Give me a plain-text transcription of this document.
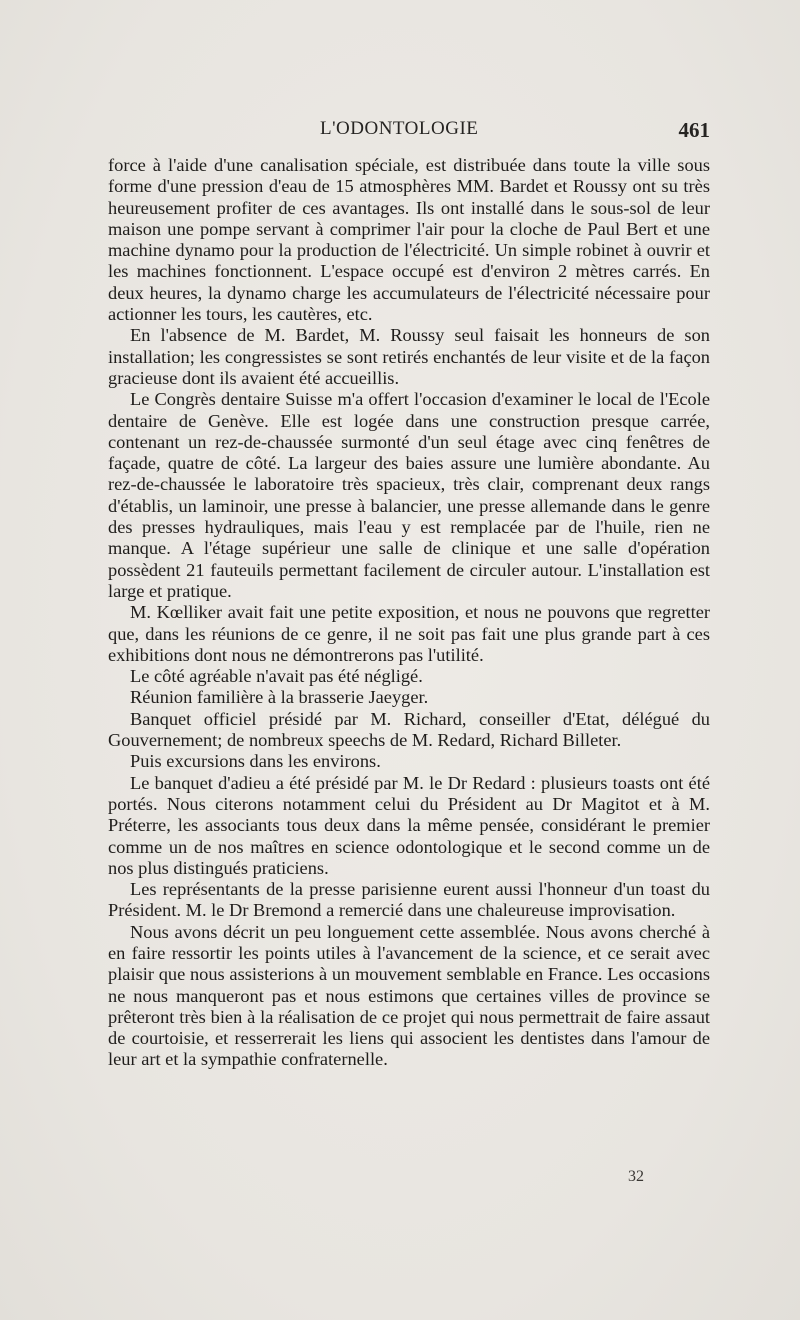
L'ODONTOLOGIE	461

force à l'aide d'une canalisation spéciale, est distribuée dans toute la ville sous forme d'une pression d'eau de 15 atmosphères MM. Bardet et Roussy ont su très heureusement profiter de ces avantages. Ils ont installé dans le sous-sol de leur maison une pompe servant à comprimer l'air pour la cloche de Paul Bert et une machine dynamo pour la production de l'électricité. Un simple robinet à ouvrir et les machines fonctionnent. L'espace occupé est d'environ 2 mètres carrés. En deux heures, la dynamo charge les accumulateurs de l'électricité nécessaire pour actionner les tours, les cautères, etc.

En l'absence de M. Bardet, M. Roussy seul faisait les honneurs de son installation; les congressistes se sont retirés enchantés de leur visite et de la façon gracieuse dont ils avaient été accueillis.

Le Congrès dentaire Suisse m'a offert l'occasion d'examiner le local de l'Ecole dentaire de Genève. Elle est logée dans une construction presque carrée, contenant un rez-de-chaussée surmonté d'un seul étage avec cinq fenêtres de façade, quatre de côté. La largeur des baies assure une lumière abondante. Au rez-de-chaussée le laboratoire très spacieux, très clair, comprenant deux rangs d'établis, un laminoir, une presse à balancier, une presse allemande dans le genre des presses hydrauliques, mais l'eau y est remplacée par de l'huile, rien ne manque. A l'étage supérieur une salle de clinique et une salle d'opération possèdent 21 fauteuils permettant facilement de circuler autour. L'installation est large et pratique.

M. Kœlliker avait fait une petite exposition, et nous ne pouvons que regretter que, dans les réunions de ce genre, il ne soit pas fait une plus grande part à ces exhibitions dont nous ne démontrerons pas l'utilité.

Le côté agréable n'avait pas été négligé.

Réunion familière à la brasserie Jaeyger.

Banquet officiel présidé par M. Richard, conseiller d'Etat, délégué du Gouvernement; de nombreux speechs de M. Redard, Richard Billeter.

Puis excursions dans les environs.

Le banquet d'adieu a été présidé par M. le Dr Redard : plusieurs toasts ont été portés. Nous citerons notamment celui du Président au Dr Magitot et à M. Préterre, les associants tous deux dans la même pensée, considérant le premier comme un de nos maîtres en science odontologique et le second comme un de nos plus distingués praticiens.

Les représentants de la presse parisienne eurent aussi l'honneur d'un toast du Président. M. le Dr Bremond a remercié dans une chaleureuse improvisation.

Nous avons décrit un peu longuement cette assemblée. Nous avons cherché à en faire ressortir les points utiles à l'avancement de la science, et ce serait avec plaisir que nous assisterions à un mouvement semblable en France. Les occasions ne nous manqueront pas et nous estimons que certaines villes de province se prêteront très bien à la réalisation de ce projet qui nous permettrait de faire assaut de courtoisie, et resserrerait les liens qui associent les dentistes dans l'amour de leur art et la sympathie confraternelle.

32
